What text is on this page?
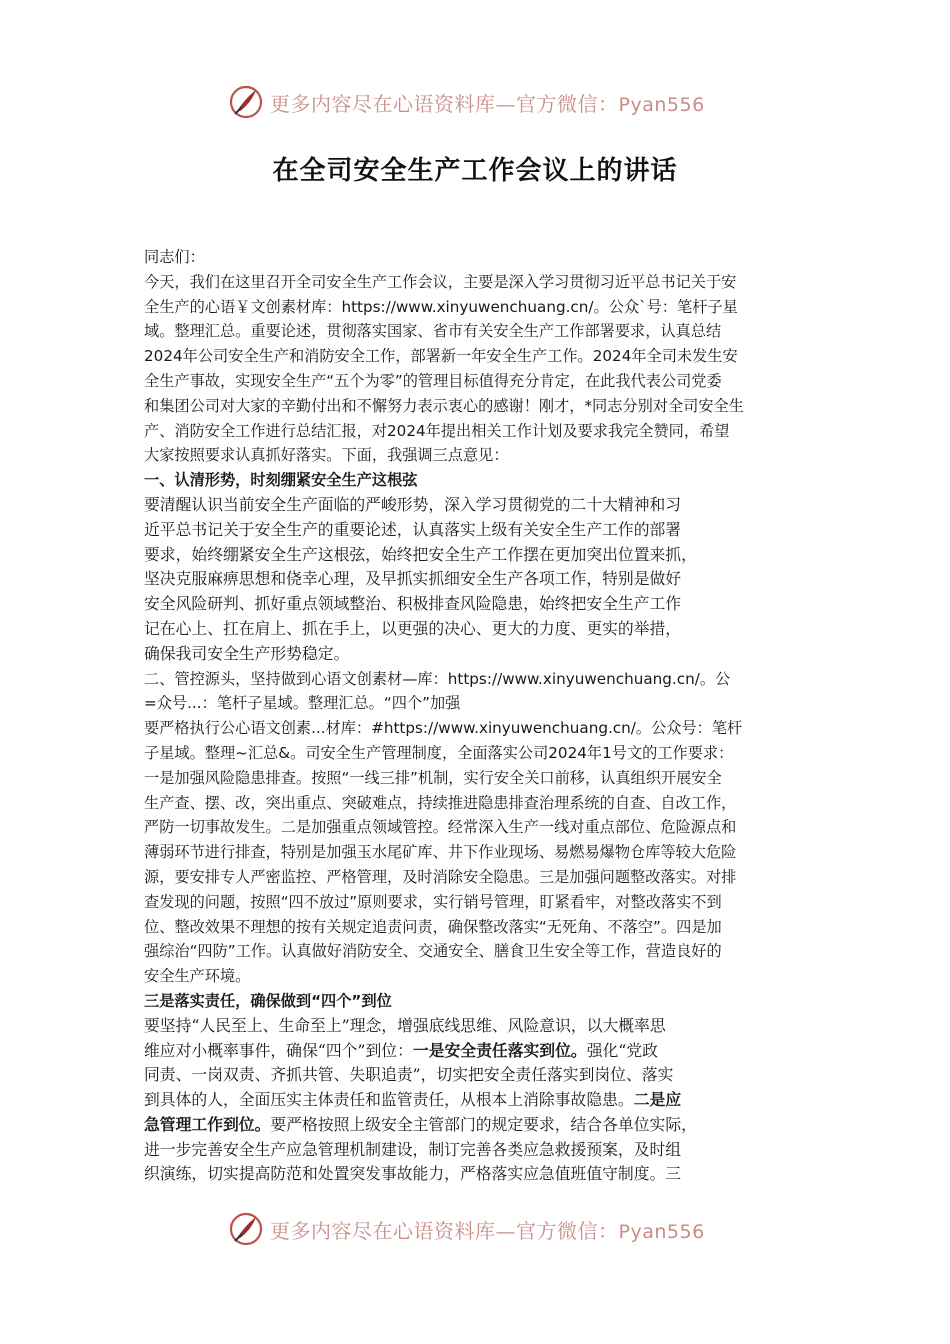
更多内容尽在心语资料库—官方微信：Pyan556
在全司安全生产工作会议上的讲话
同志们：
今天，我们在这里召开全司安全生产工作会议，主要是深入学习贯彻习近平总书记关于安
全生产的心语￥文创素材库：https://www.xinyuwenchuang.cn/。公众`号：笔杆子星
域。整理汇总。重要论述，贯彻落实国家、省市有关安全生产工作部署要求，认真总结
2024年公司安全生产和消防安全工作，部署新一年安全生产工作。2024年全司未发生安
全生产事故，实现安全生产“五个为零”的管理目标值得充分肯定，在此我代表公司党委
和集团公司对大家的辛勤付出和不懈努力表示衷心的感谢！刚才，*同志分别对全司安全生
产、消防安全工作进行总结汇报，对2024年提出相关工作计划及要求我完全赞同，希望
大家按照要求认真抓好落实。下面，我强调三点意见：
一、认清形势，时刻绷紧安全生产这根弦
要清醒认识当前安全生产面临的严峻形势，深入学习贯彻党的二十大精神和习
近平总书记关于安全生产的重要论述，认真落实上级有关安全生产工作的部署
要求，始终绷紧安全生产这根弦，始终把安全生产工作摆在更加突出位置来抓，
坚决克服麻痹思想和侥幸心理，及早抓实抓细安全生产各项工作，特别是做好
安全风险研判、抓好重点领域整治、积极排查风险隐患，始终把安全生产工作
记在心上、扛在肩上、抓在手上，以更强的决心、更大的力度、更实的举措，
确保我司安全生产形势稳定。
二、管控源头，坚持做到心语文创素材—库：https://www.xinyuwenchuang.cn/。公
=众号...：笔杆子星域。整理汇总。“四个”加强
要严格执行公心语文创素...材库：#https://www.xinyuwenchuang.cn/。公众号：笔杆
子星域。整理~汇总&。司安全生产管理制度，全面落实公司2024年1号文的工作要求：
一是加强风险隐患排查。按照“一线三排”机制，实行安全关口前移，认真组织开展安全
生产查、摆、改，突出重点、突破难点，持续推进隐患排查治理系统的自查、自改工作，
严防一切事故发生。二是加强重点领域管控。经常深入生产一线对重点部位、危险源点和
薄弱环节进行排查，特别是加强玉水尾矿库、井下作业现场、易燃易爆物仓库等较大危险
源，要安排专人严密监控、严格管理，及时消除安全隐患。三是加强问题整改落实。对排
查发现的问题，按照“四不放过”原则要求，实行销号管理，盯紧看牢，对整改落实不到
位、整改效果不理想的按有关规定追责问责，确保整改落实“无死角、不落空”。四是加
强综治“四防”工作。认真做好消防安全、交通安全、膳食卫生安全等工作，营造良好的
安全生产环境。
三是落实责任，确保做到“四个”到位
要坚持“人民至上、生命至上”理念，增强底线思维、风险意识，以大概率思
维应对小概率事件，确保“四个”到位：一是安全责任落实到位。强化“党政
同责、一岗双责、齐抓共管、失职追责”，切实把安全责任落实到岗位、落实
到具体的人，全面压实主体责任和监管责任，从根本上消除事故隐患。二是应
急管理工作到位。要严格按照上级安全主管部门的规定要求，结合各单位实际，
进一步完善安全生产应急管理机制建设，制订完善各类应急救援预案，及时组
织演练，切实提高防范和处置突发事故能力，严格落实应急值班值守制度。三
更多内容尽在心语资料库—官方微信：Pyan556
